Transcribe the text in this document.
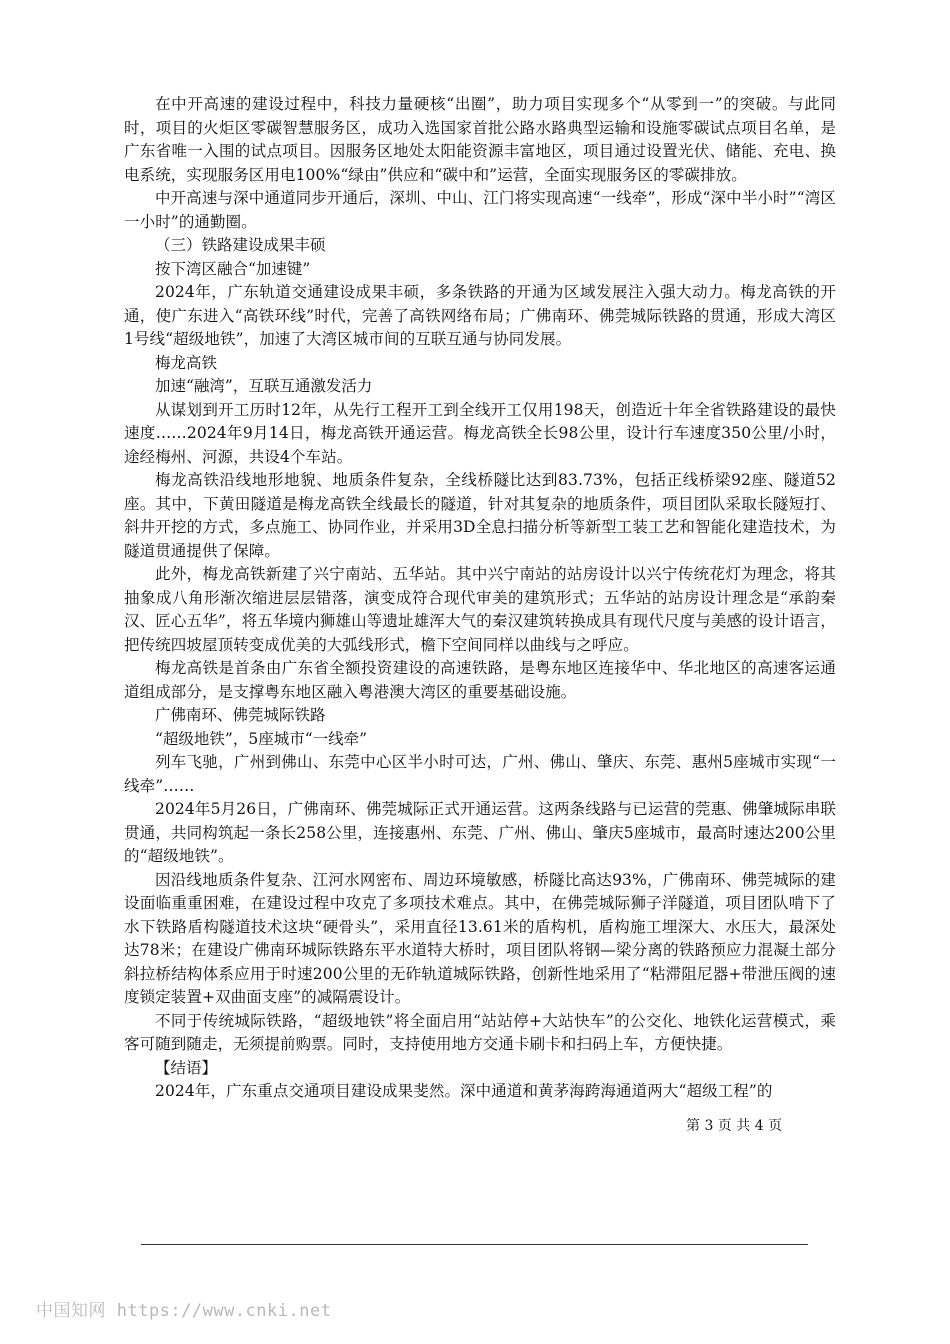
在中开高速的建设过程中，科技力量硬核“出圈”，助力项目实现多个“从零到一”的突破。与此同时，项目的火炬区零碳智慧服务区，成功入选国家首批公路水路典型运输和设施零碳试点项目名单，是广东省唯一入围的试点项目。因服务区地处太阳能资源丰富地区，项目通过设置光伏、储能、充电、换电系统，实现服务区用电100%“绿由”供应和“碳中和”运营，全面实现服务区的零碳排放。

中开高速与深中通道同步开通后，深圳、中山、江门将实现高速“一线牵”，形成“深中半小时”“湾区一小时”的通勤圈。

（三）铁路建设成果丰硕

按下湾区融合“加速键”

2024年，广东轨道交通建设成果丰硕，多条铁路的开通为区域发展注入强大动力。梅龙高铁的开通，使广东进入“高铁环线”时代，完善了高铁网络布局；广佛南环、佛莞城际铁路的贯通，形成大湾区1号线“超级地铁”，加速了大湾区城市间的互联互通与协同发展。

梅龙高铁

加速“融湾”，互联互通激发活力

从谋划到开工历时12年，从先行工程开工到全线开工仅用198天，创造近十年全省铁路建设的最快速度……2024年9月14日，梅龙高铁开通运营。梅龙高铁全长98公里，设计行车速度350公里/小时，途经梅州、河源，共设4个车站。

梅龙高铁沿线地形地貌、地质条件复杂，全线桥隧比达到83.73%，包括正线桥梁92座、隧道52座。其中，下黄田隧道是梅龙高铁全线最长的隧道，针对其复杂的地质条件，项目团队采取长隧短打、斜井开挖的方式，多点施工、协同作业，并采用3D全息扫描分析等新型工装工艺和智能化建造技术，为隧道贯通提供了保障。

此外，梅龙高铁新建了兴宁南站、五华站。其中兴宁南站的站房设计以兴宁传统花灯为理念，将其抽象成八角形渐次缩进层层错落，演变成符合现代审美的建筑形式；五华站的站房设计理念是“承韵秦汉、匠心五华”，将五华境内狮雄山等遗址雄浑大气的秦汉建筑转换成具有现代尺度与美感的设计语言，把传统四坡屋顶转变成优美的大弧线形式，檐下空间同样以曲线与之呼应。

梅龙高铁是首条由广东省全额投资建设的高速铁路，是粤东地区连接华中、华北地区的高速客运通道组成部分，是支撑粤东地区融入粤港澳大湾区的重要基础设施。

广佛南环、佛莞城际铁路

“超级地铁”，5座城市“一线牵”

列车飞驰，广州到佛山、东莞中心区半小时可达，广州、佛山、肇庆、东莞、惠州5座城市实现“一线牵”……

2024年5月26日，广佛南环、佛莞城际正式开通运营。这两条线路与已运营的莞惠、佛肇城际串联贯通，共同构筑起一条长258公里，连接惠州、东莞、广州、佛山、肇庆5座城市，最高时速达200公里的“超级地铁”。

因沿线地质条件复杂、江河水网密布、周边环境敏感，桥隧比高达93%，广佛南环、佛莞城际的建设面临重重困难，在建设过程中攻克了多项技术难点。其中，在佛莞城际狮子洋隧道，项目团队啃下了水下铁路盾构隧道技术这块“硬骨头”，采用直径13.61米的盾构机，盾构施工埋深大、水压大，最深处达78米；在建设广佛南环城际铁路东平水道特大桥时，项目团队将钢—梁分离的铁路预应力混凝土部分斜拉桥结构体系应用于时速200公里的无砟轨道城际铁路，创新性地采用了“粘滞阻尼器+带泄压阀的速度锁定装置+双曲面支座”的减隔震设计。

不同于传统城际铁路，“超级地铁”将全面启用“站站停+大站快车”的公交化、地铁化运营模式，乘客可随到随走，无须提前购票。同时，支持使用地方交通卡刷卡和扫码上车，方便快捷。

【结语】

2024年，广东重点交通项目建设成果斐然。深中通道和黄茅海跨海通道两大“超级工程”的

第 3 页 共 4 页
中国知网 https://www.cnki.net
